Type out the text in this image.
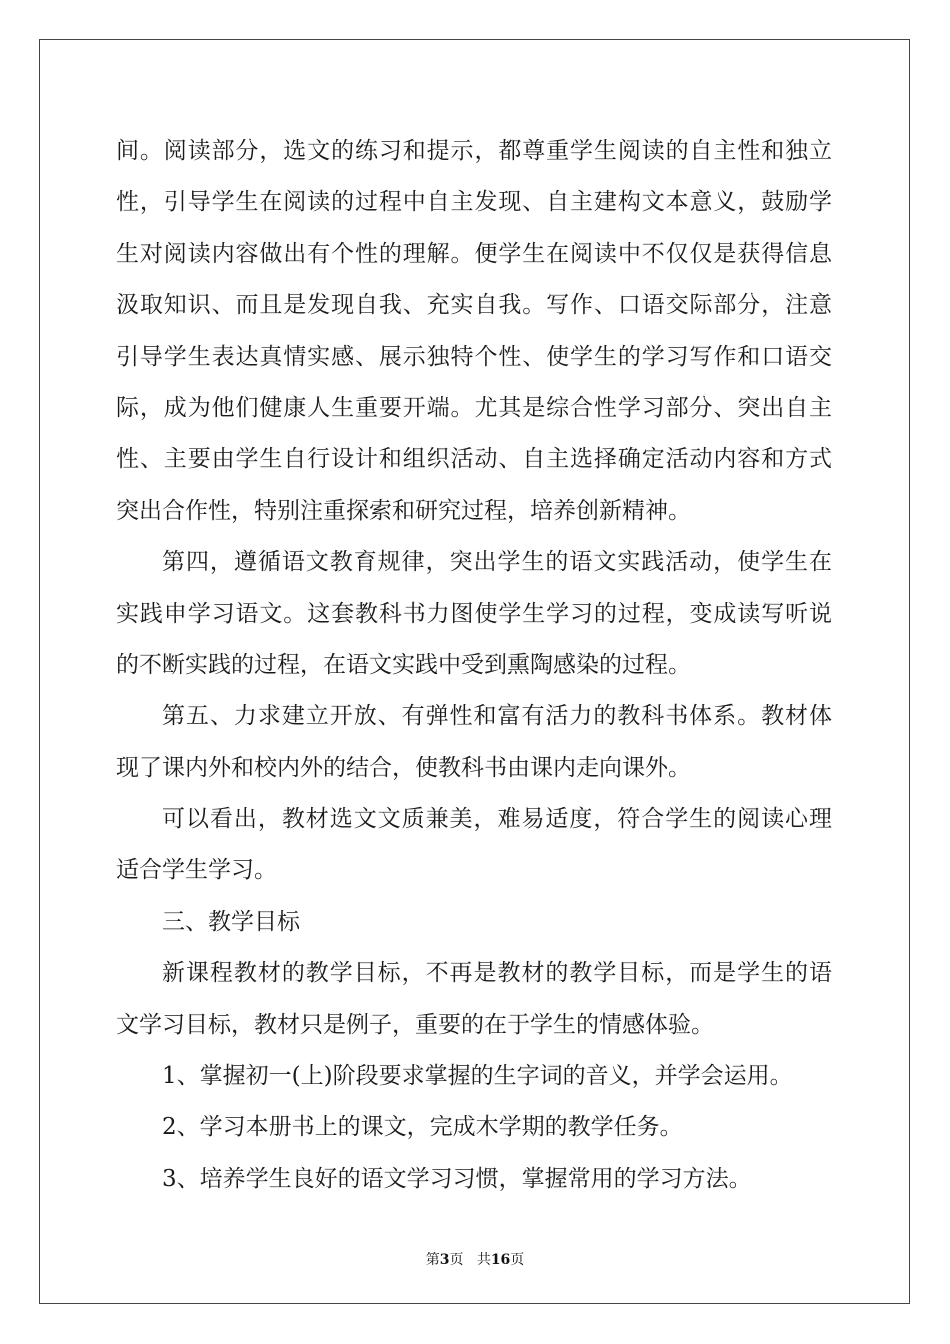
间。阅读部分，选文的练习和提示，都尊重学生阅读的自主性和独立
性，引导学生在阅读的过程中自主发现、自主建构文本意义，鼓励学
生对阅读内容做出有个性的理解。便学生在阅读中不仅仅是获得信息
汲取知识、而且是发现自我、充实自我。写作、口语交际部分，注意
引导学生表达真情实感、展示独特个性、使学生的学习写作和口语交
际，成为他们健康人生重要开端。尤其是综合性学习部分、突出自主
性、主要由学生自行设计和组织活动、自主选择确定活动内容和方式
突出合作性，特别注重探索和研究过程，培养创新精神。
第四，遵循语文教育规律，突出学生的语文实践活动，使学生在
实践申学习语文。这套教科书力图使学生学习的过程，变成读写听说
的不断实践的过程，在语文实践中受到熏陶感染的过程。
第五、力求建立开放、有弹性和富有活力的教科书体系。教材体
现了课内外和校内外的结合，使教科书由课内走向课外。
可以看出，教材选文文质兼美，难易适度，符合学生的阅读心理
适合学生学习。
三、教学目标
新课程教材的教学目标，不再是教材的教学目标，而是学生的语
文学习目标，教材只是例子，重要的在于学生的情感体验。
1、掌握初一(上)阶段要求掌握的生字词的音义，并学会运用。
2、学习本册书上的课文，完成木学期的教学任务。
3、培养学生良好的语文学习习惯，掌握常用的学习方法。
第3页 共16页
